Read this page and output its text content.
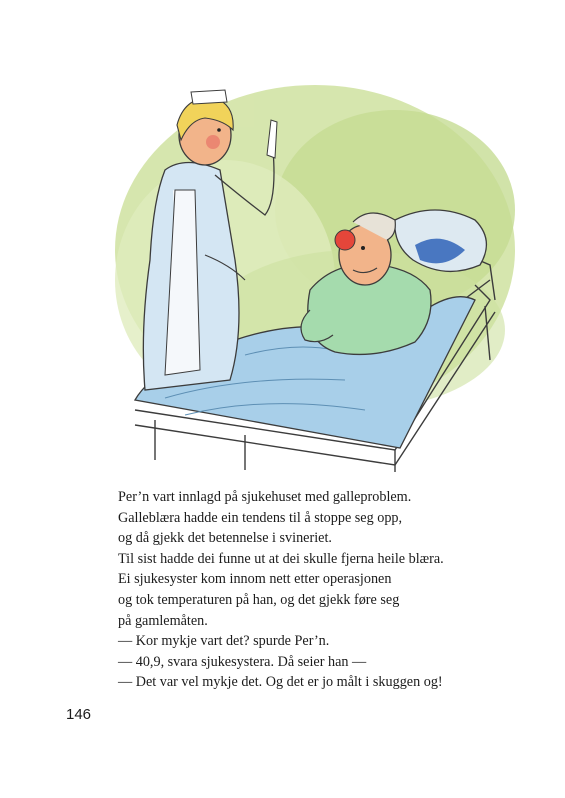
Per’n vart innlagd på sjukehuset med galleproblem.
Galleblæra hadde ein tendens til å stoppe seg opp,
og då gjekk det betennelse i svineriet.
Til sist hadde dei funne ut at dei skulle fjerna heile blæra.
Ei sjukesyster kom innom nett etter operasjonen
og tok temperaturen på han, og det gjekk føre seg
på gamlemåten.
— Kor mykje vart det? spurde Per’n.
— 40,9, svara sjukesystera. Då seier han —
— Det var vel mykje det. Og det er jo målt i skuggen og!
146
